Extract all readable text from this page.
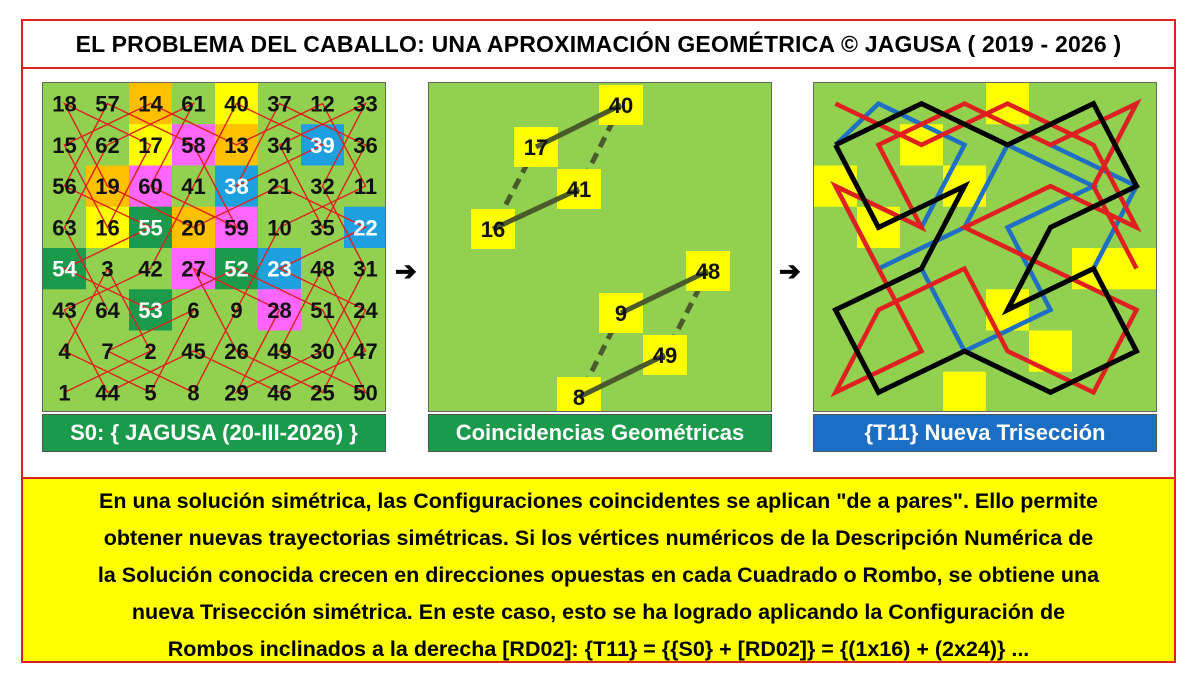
EL PROBLEMA DEL CABALLO: UNA APROXIMACIÓN GEOMÉTRICA © JAGUSA ( 2019 - 2026 )
18 57 14 61 40 37 12 33
15 62 17 58 13 34 39 36
56 19 60 41 38 21 32 11
63 16 55 20 59 10 35 22
54 3 42 27 52 23 48 31
43 64 53 6 9 28 51 24
4 7 2 45 26 49 30 47
1 44 5 8 29 46 25 50
S0: { JAGUSA (20-III-2026) }
➔
40
17
41
16
48
9
49
8
Coincidencias Geométricas
➔
{T11} Nueva Trisección
En una solución simétrica, las Configuraciones coincidentes se aplican "de a pares". Ello permite
obtener nuevas trayectorias simétricas. Si los vértices numéricos de la Descripción Numérica de
la Solución conocida crecen en direcciones opuestas en cada Cuadrado o Rombo, se obtiene una
nueva Trisección simétrica. En este caso, esto se ha logrado aplicando la Configuración de
Rombos inclinados a la derecha [RD02]: {T11} = {{S0} + [RD02]} = {(1x16) + (2x24)} ...
